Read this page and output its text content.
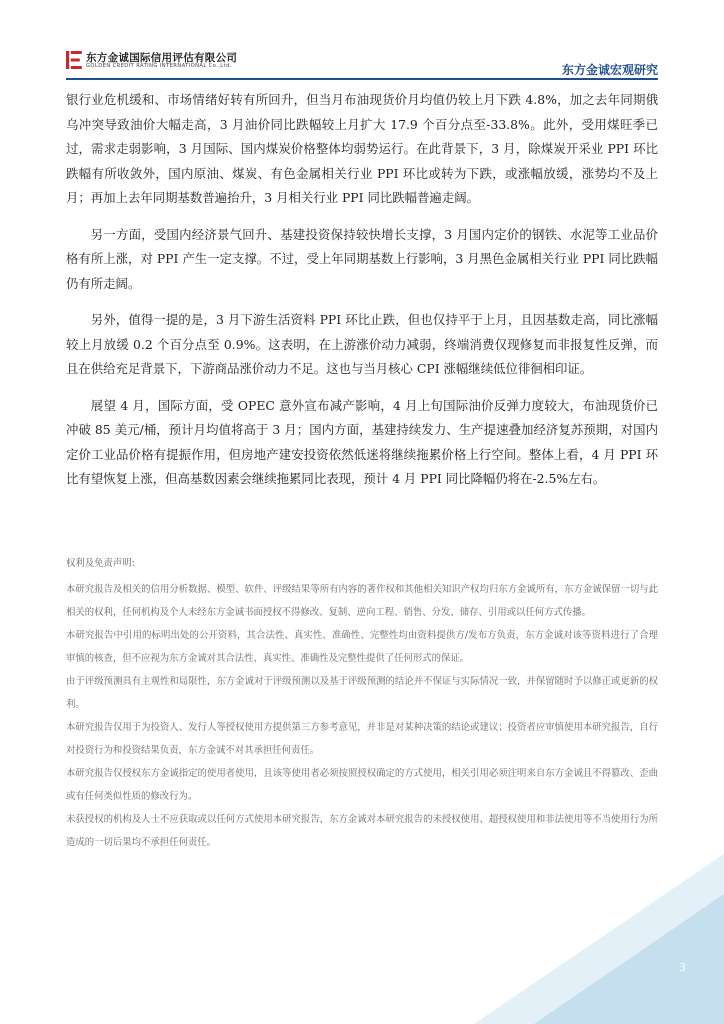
东方金诚国际信用评估有限公司
GOLDEN CREDIT RATING INTERNATIONAL Co.,Ltd.	东方金诚宏观研究

银行业危机缓和、市场情绪好转有所回升，但当月布油现货价月均值仍较上月下跌 4.8%，加之去年同期俄乌冲突导致油价大幅走高，3 月油价同比跌幅较上月扩大 17.9 个百分点至-33.8%。此外，受用煤旺季已过，需求走弱影响，3 月国际、国内煤炭价格整体均弱势运行。在此背景下，3 月，除煤炭开采业 PPI 环比跌幅有所收敛外，国内原油、煤炭、有色金属相关行业 PPI 环比或转为下跌，或涨幅放缓，涨势均不及上月；再加上去年同期基数普遍抬升，3 月相关行业 PPI 同比跌幅普遍走阔。

另一方面，受国内经济景气回升、基建投资保持较快增长支撑，3 月国内定价的钢铁、水泥等工业品价格有所上涨，对 PPI 产生一定支撑。不过，受上年同期基数上行影响，3 月黑色金属相关行业 PPI 同比跌幅仍有所走阔。

另外，值得一提的是，3 月下游生活资料 PPI 环比止跌，但也仅持平于上月，且因基数走高，同比涨幅较上月放缓 0.2 个百分点至 0.9%。这表明，在上游涨价动力减弱，终端消费仅现修复而非报复性反弹，而且在供给充足背景下，下游商品涨价动力不足。这也与当月核心 CPI 涨幅继续低位徘徊相印证。

展望 4 月，国际方面，受 OPEC 意外宣布减产影响，4 月上旬国际油价反弹力度较大，布油现货价已冲破 85 美元/桶，预计月均值将高于 3 月；国内方面，基建持续发力、生产提速叠加经济复苏预期，对国内定价工业品价格有提振作用，但房地产建安投资依然低迷将继续拖累价格上行空间。整体上看，4 月 PPI 环比有望恢复上涨，但高基数因素会继续拖累同比表现，预计 4 月 PPI 同比降幅仍将在-2.5%左右。

权利及免责声明:

本研究报告及相关的信用分析数据、模型、软件、评级结果等所有内容的著作权和其他相关知识产权均归东方金诚所有，东方金诚保留一切与此相关的权利，任何机构及个人未经东方金诚书面授权不得修改、复制、逆向工程、销售、分发、储存、引用或以任何方式传播。

本研究报告中引用的标明出处的公开资料，其合法性、真实性、准确性、完整性均由资料提供方/发布方负责，东方金诚对该等资料进行了合理审慎的核查，但不应视为东方金诚对其合法性、真实性、准确性及完整性提供了任何形式的保证。

由于评级预测具有主观性和局限性，东方金诚对于评级预测以及基于评级预测的结论并不保证与实际情况一致，并保留随时予以修正或更新的权利。

本研究报告仅用于为投资人、发行人等授权使用方提供第三方参考意见，并非是对某种决策的结论或建议；投资者应审慎使用本研究报告，自行对投资行为和投资结果负责，东方金诚不对其承担任何责任。

本研究报告仅授权东方金诚指定的使用者使用，且该等使用者必须按照授权确定的方式使用，相关引用必须注明来自东方金诚且不得篡改、歪曲或有任何类似性质的修改行为。

未获授权的机构及人士不应获取或以任何方式使用本研究报告，东方金诚对本研究报告的未授权使用、超授权使用和非法使用等不当使用行为所造成的一切后果均不承担任何责任。

3
